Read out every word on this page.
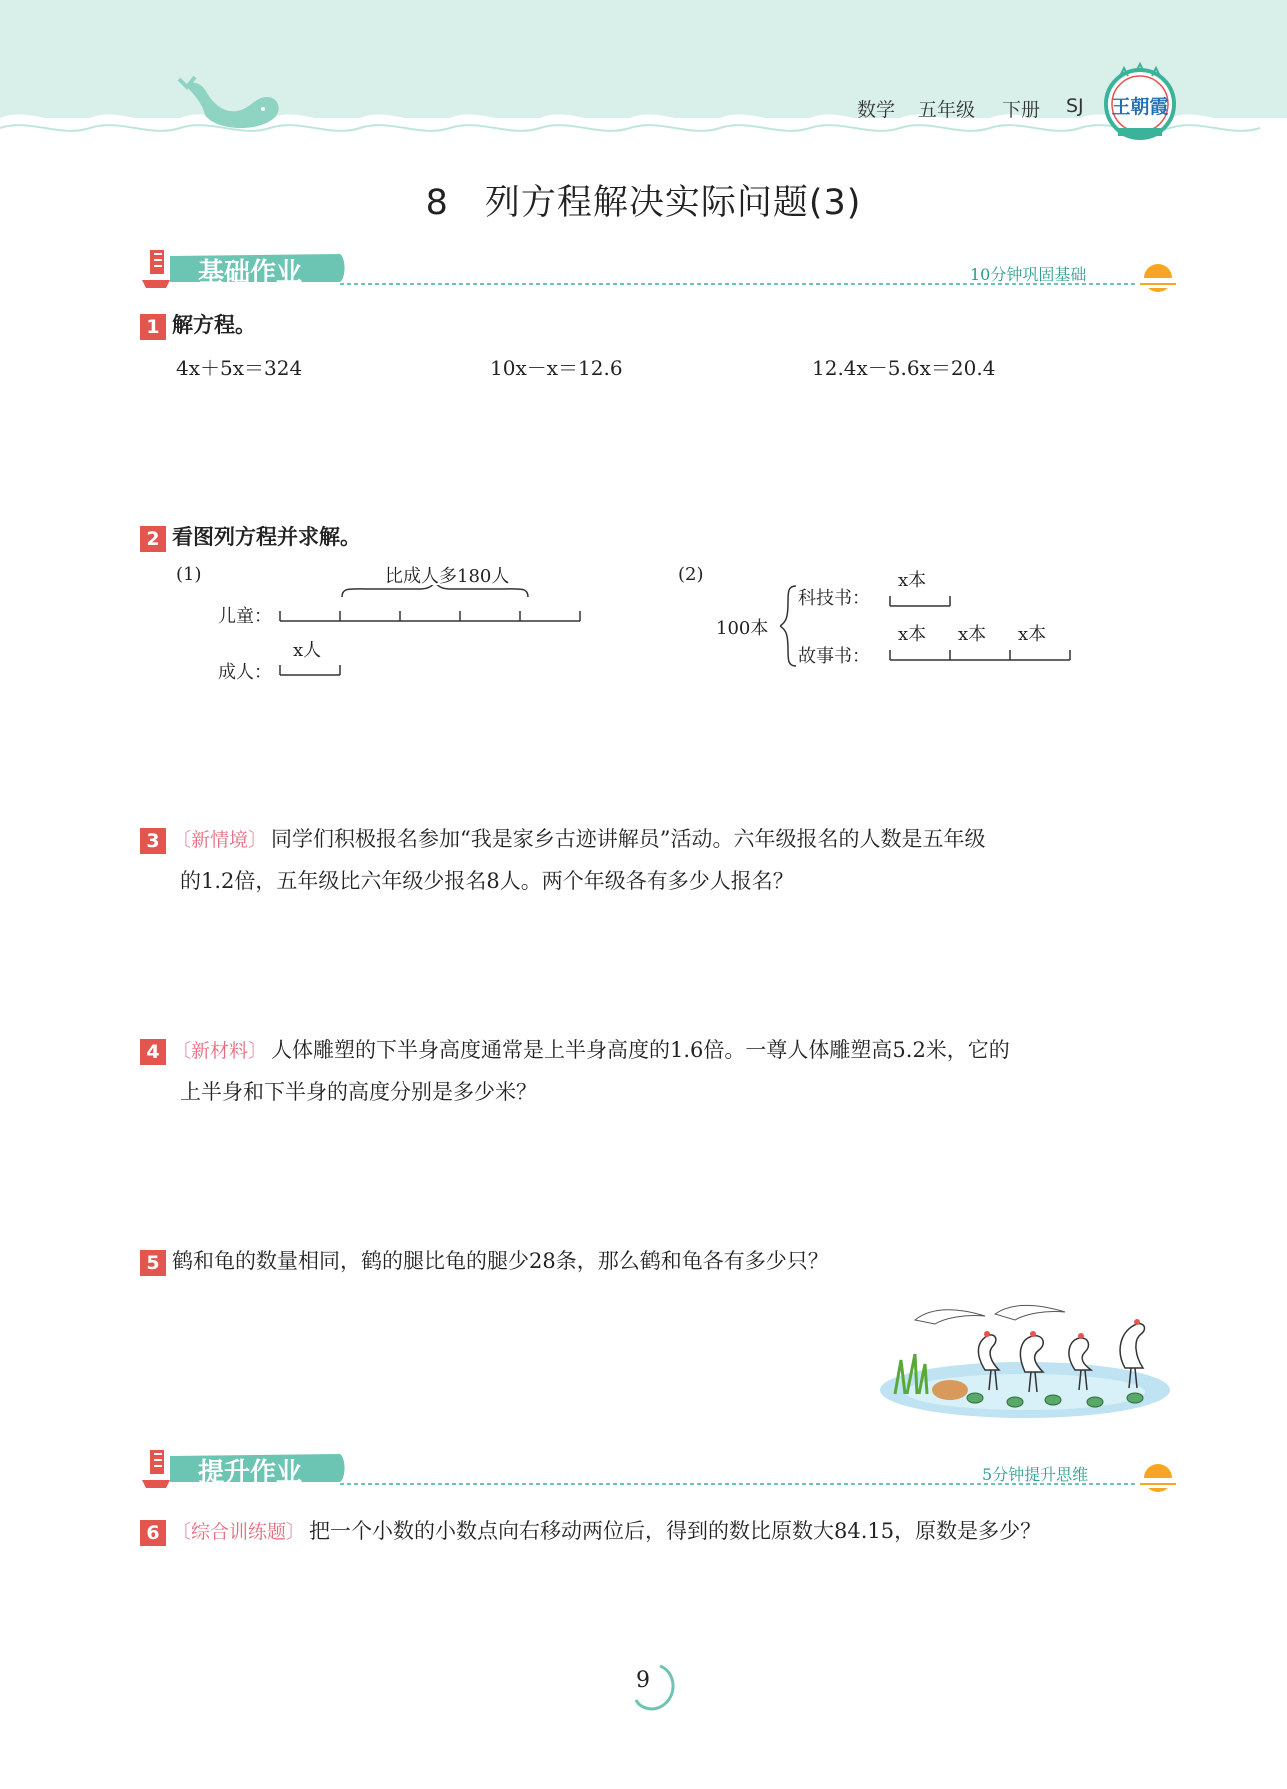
数学 五年级 下册 SJ 王朝霞
8　列方程解决实际问题(3)
基础作业	10分钟巩固基础
1 解方程。
4x＋5x＝324	10x－x＝12.6	12.4x－5.6x＝20.4
2 看图列方程并求解。
(1)	比成人多180人
儿童：
x人
成人：
(2)
100本
科技书：
故事书：
x本
x本 x本 x本
3 〔新情境〕 同学们积极报名参加“我是家乡古迹讲解员”活动。六年级报名的人数是五年级
的1.2倍，五年级比六年级少报名8人。两个年级各有多少人报名？
4 〔新材料〕 人体雕塑的下半身高度通常是上半身高度的1.6倍。一尊人体雕塑高5.2米，它的
上半身和下半身的高度分别是多少米？
5 鹤和龟的数量相同，鹤的腿比龟的腿少28条，那么鹤和龟各有多少只？
提升作业	5分钟提升思维
6 〔综合训练题〕 把一个小数的小数点向右移动两位后，得到的数比原数大84.15，原数是多少？
9
